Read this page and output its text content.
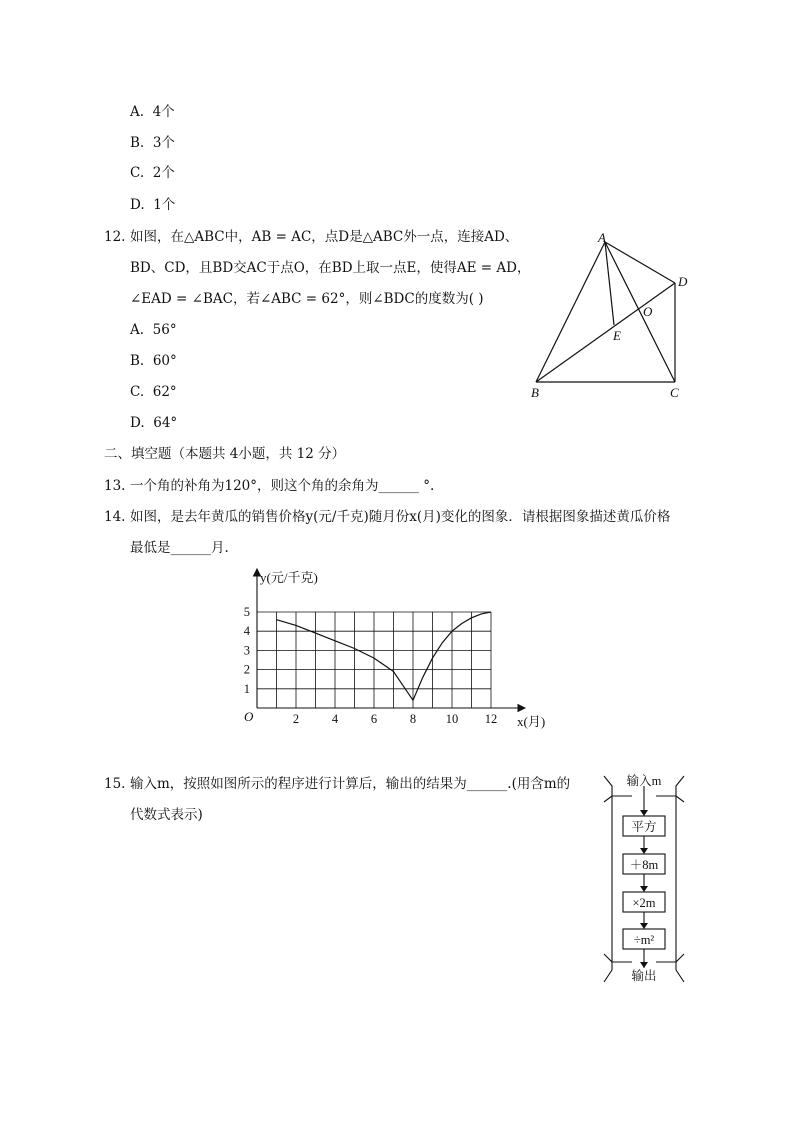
A. 4个
B. 3个
C. 2个
D. 1个
12. 如图，在△ABC中，AB = AC，点D是△ABC外一点，连接AD、
BD、CD，且BD交AC于点O，在BD上取一点E，使得AE = AD，
∠EAD = ∠BAC，若∠ABC = 62°，则∠BDC的度数为( )
A. 56°
B. 60°
C. 62°
D. 64°
A
B	C
D
E
O
二、填空题（本题共 4小题，共 12 分）
13. 一个角的补角为120°，则这个角的余角为______ °.
14. 如图，是去年黄瓜的销售价格y(元/千克)随月份x(月)变化的图象．请根据图象描述黄瓜价格
最低是______月.
2	4	6	8 10 12
1
2
3
4
5
y(元/千克)
x(月)
O
15. 输入m，按照如图所示的程序进行计算后，输出的结果为______.(用含m的
代数式表示)
输入m
平方
＋8m
×2m
÷m²
输出
